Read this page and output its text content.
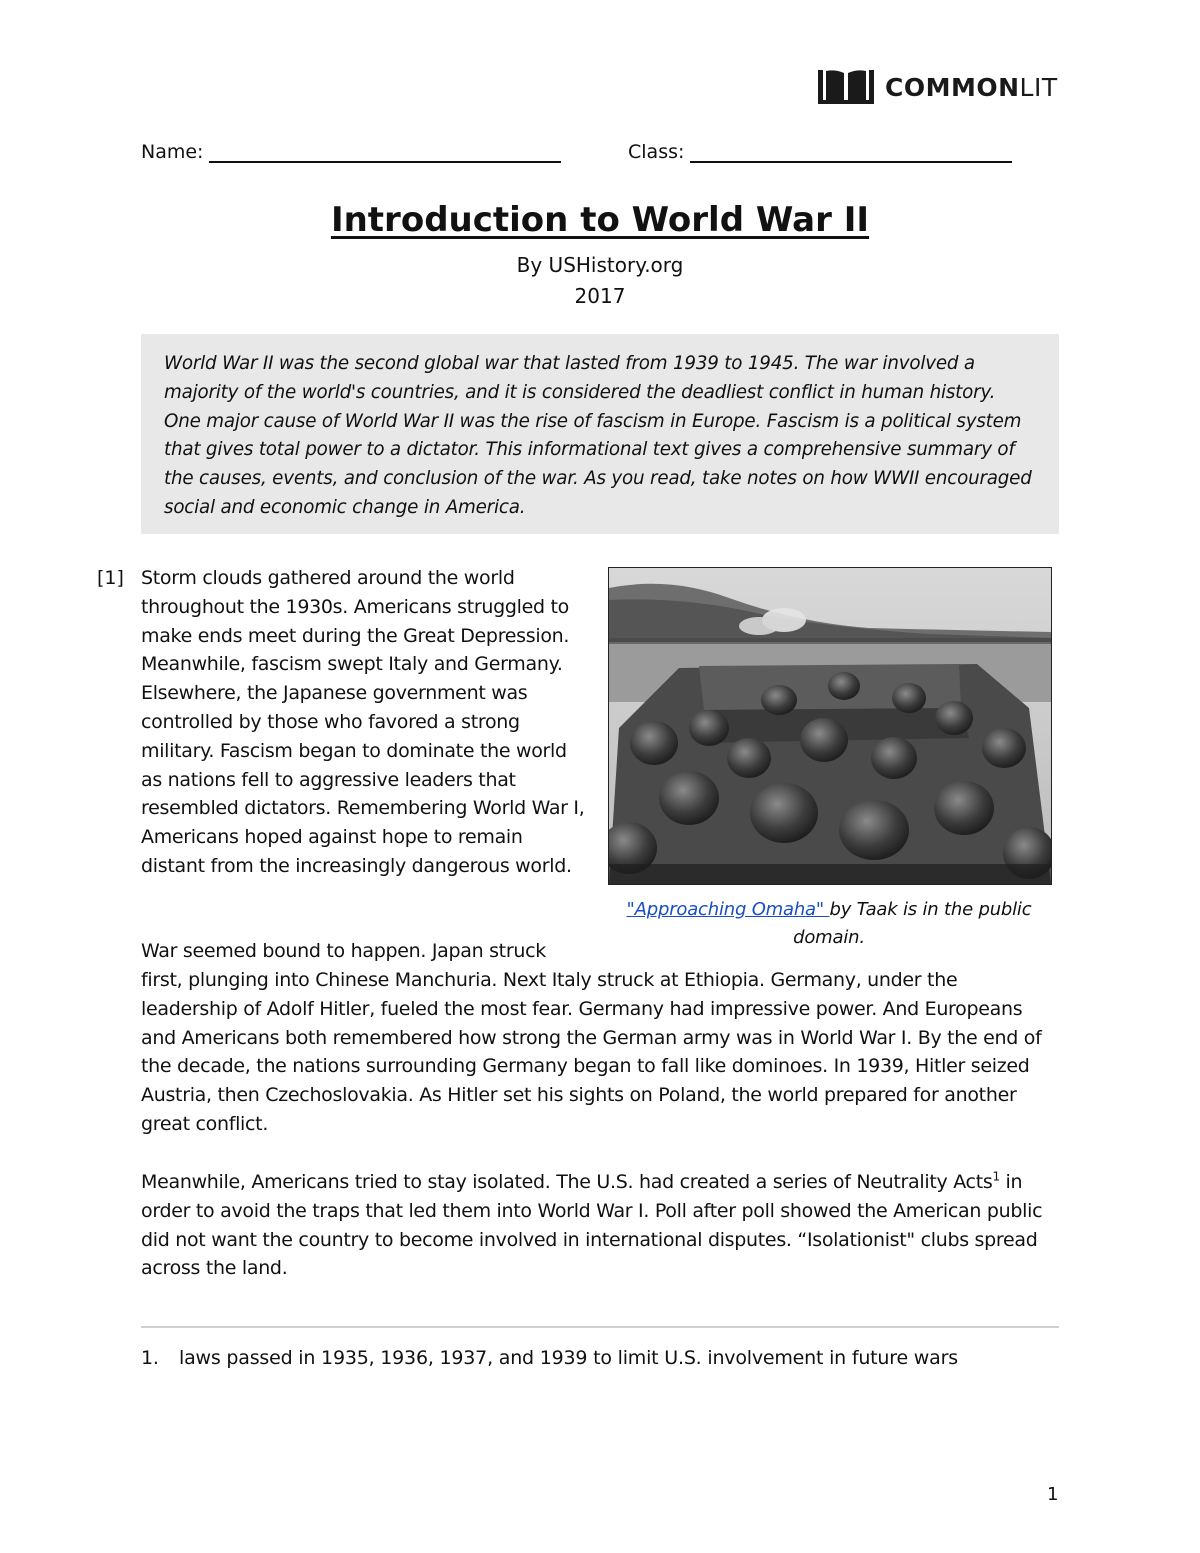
COMMONLIT
Name:	Class:
Introduction to World War II
By USHistory.org
2017

World War II was the second global war that lasted from 1939 to 1945. The war involved a majority of the world's countries, and it is considered the deadliest conflict in human history. One major cause of World War II was the rise of fascism in Europe. Fascism is a political system that gives total power to a dictator. This informational text gives a comprehensive summary of the causes, events, and conclusion of the war. As you read, take notes on how WWII encouraged social and economic change in America.

[1] Storm clouds gathered around the world throughout the 1930s. Americans struggled to make ends meet during the Great Depression. Meanwhile, fascism swept Italy and Germany. Elsewhere, the Japanese government was controlled by those who favored a strong military. Fascism began to dominate the world as nations fell to aggressive leaders that resembled dictators. Remembering World War I, Americans hoped against hope to remain distant from the increasingly dangerous world.

"Approaching Omaha" by Taak is in the public domain.

War seemed bound to happen. Japan struck

first, plunging into Chinese Manchuria. Next Italy struck at Ethiopia. Germany, under the leadership of Adolf Hitler, fueled the most fear. Germany had impressive power. And Europeans and Americans both remembered how strong the German army was in World War I. By the end of the decade, the nations surrounding Germany began to fall like dominoes. In 1939, Hitler seized Austria, then Czechoslovakia. As Hitler set his sights on Poland, the world prepared for another great conflict.

Meanwhile, Americans tried to stay isolated. The U.S. had created a series of Neutrality Acts$^1$ in order to avoid the traps that led them into World War I. Poll after poll showed the American public did not want the country to become involved in international disputes. “Isolationist" clubs spread across the land.

1.	laws passed in 1935, 1936, 1937, and 1939 to limit U.S. involvement in future wars
1
